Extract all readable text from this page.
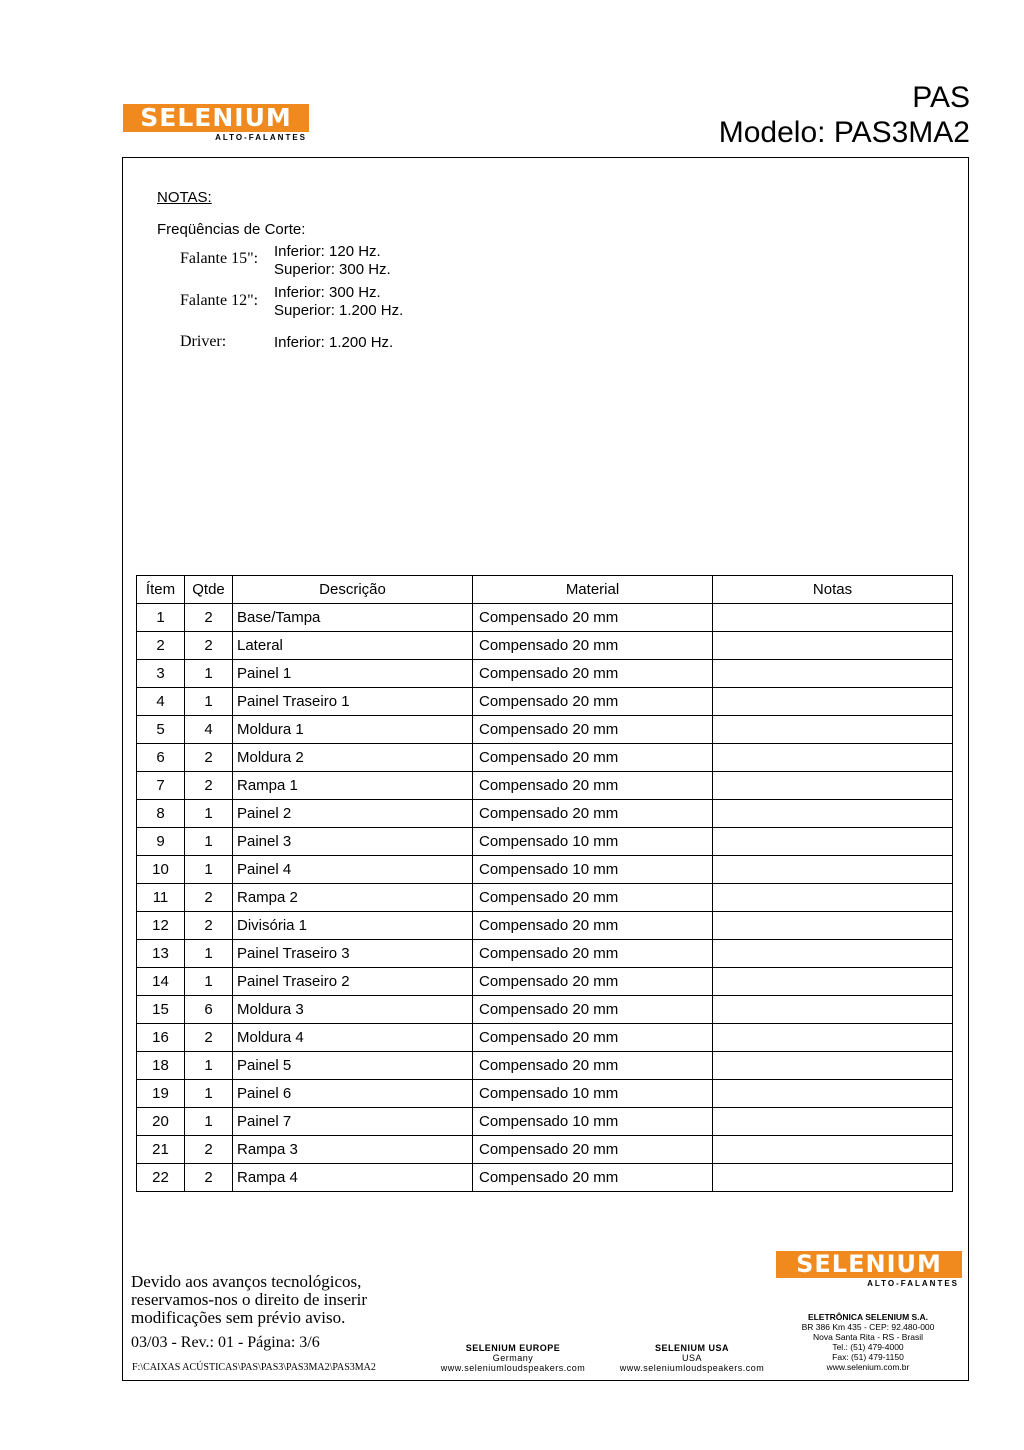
SELENIUM
ALTO-FALANTES
PAS
Modelo: PAS3MA2
NOTAS:
Freqüências de Corte:
Falante 15": Inferior: 120 Hz.
Superior: 300 Hz.
Falante 12": Inferior: 300 Hz.
Superior: 1.200 Hz.
Driver:	Inferior: 1.200 Hz.
Ítem	Qtde	Descrição	Material	Notas
1	2	Base/Tampa	Compensado 20 mm	
2	2	Lateral	Compensado 20 mm	
3	1	Painel 1	Compensado 20 mm	
4	1	Painel Traseiro 1	Compensado 20 mm	
5	4	Moldura 1	Compensado 20 mm	
6	2	Moldura 2	Compensado 20 mm	
7	2	Rampa 1	Compensado 20 mm	
8	1	Painel 2	Compensado 20 mm	
9	1	Painel 3	Compensado 10 mm	
10	1	Painel 4	Compensado 10 mm	
11	2	Rampa 2	Compensado 20 mm	
12	2	Divisória 1	Compensado 20 mm	
13	1	Painel Traseiro 3	Compensado 20 mm	
14	1	Painel Traseiro 2	Compensado 20 mm	
15	6	Moldura 3	Compensado 20 mm	
16	2	Moldura 4	Compensado 20 mm	
18	1	Painel 5	Compensado 20 mm	
19	1	Painel 6	Compensado 10 mm	
20	1	Painel 7	Compensado 10 mm	
21	2	Rampa 3	Compensado 20 mm	
22	2	Rampa 4	Compensado 20 mm	
Devido aos avanços tecnológicos,
reservamos-nos o direito de inserir
modificações sem prévio aviso.
03/03 - Rev.: 01 - Página: 3/6
F:\CAIXAS ACÚSTICAS\PAS\PAS3\PAS3MA2\PAS3MA2
SELENIUM EUROPE
Germany
www.seleniumloudspeakers.com
SELENIUM USA
USA
www.seleniumloudspeakers.com
SELENIUM
ALTO-FALANTES
ELETRÔNICA SELENIUM S.A.
BR 386 Km 435 - CEP: 92.480-000
Nova Santa Rita - RS - Brasil
Tel.: (51) 479-4000
Fax: (51) 479-1150
www.selenium.com.br
